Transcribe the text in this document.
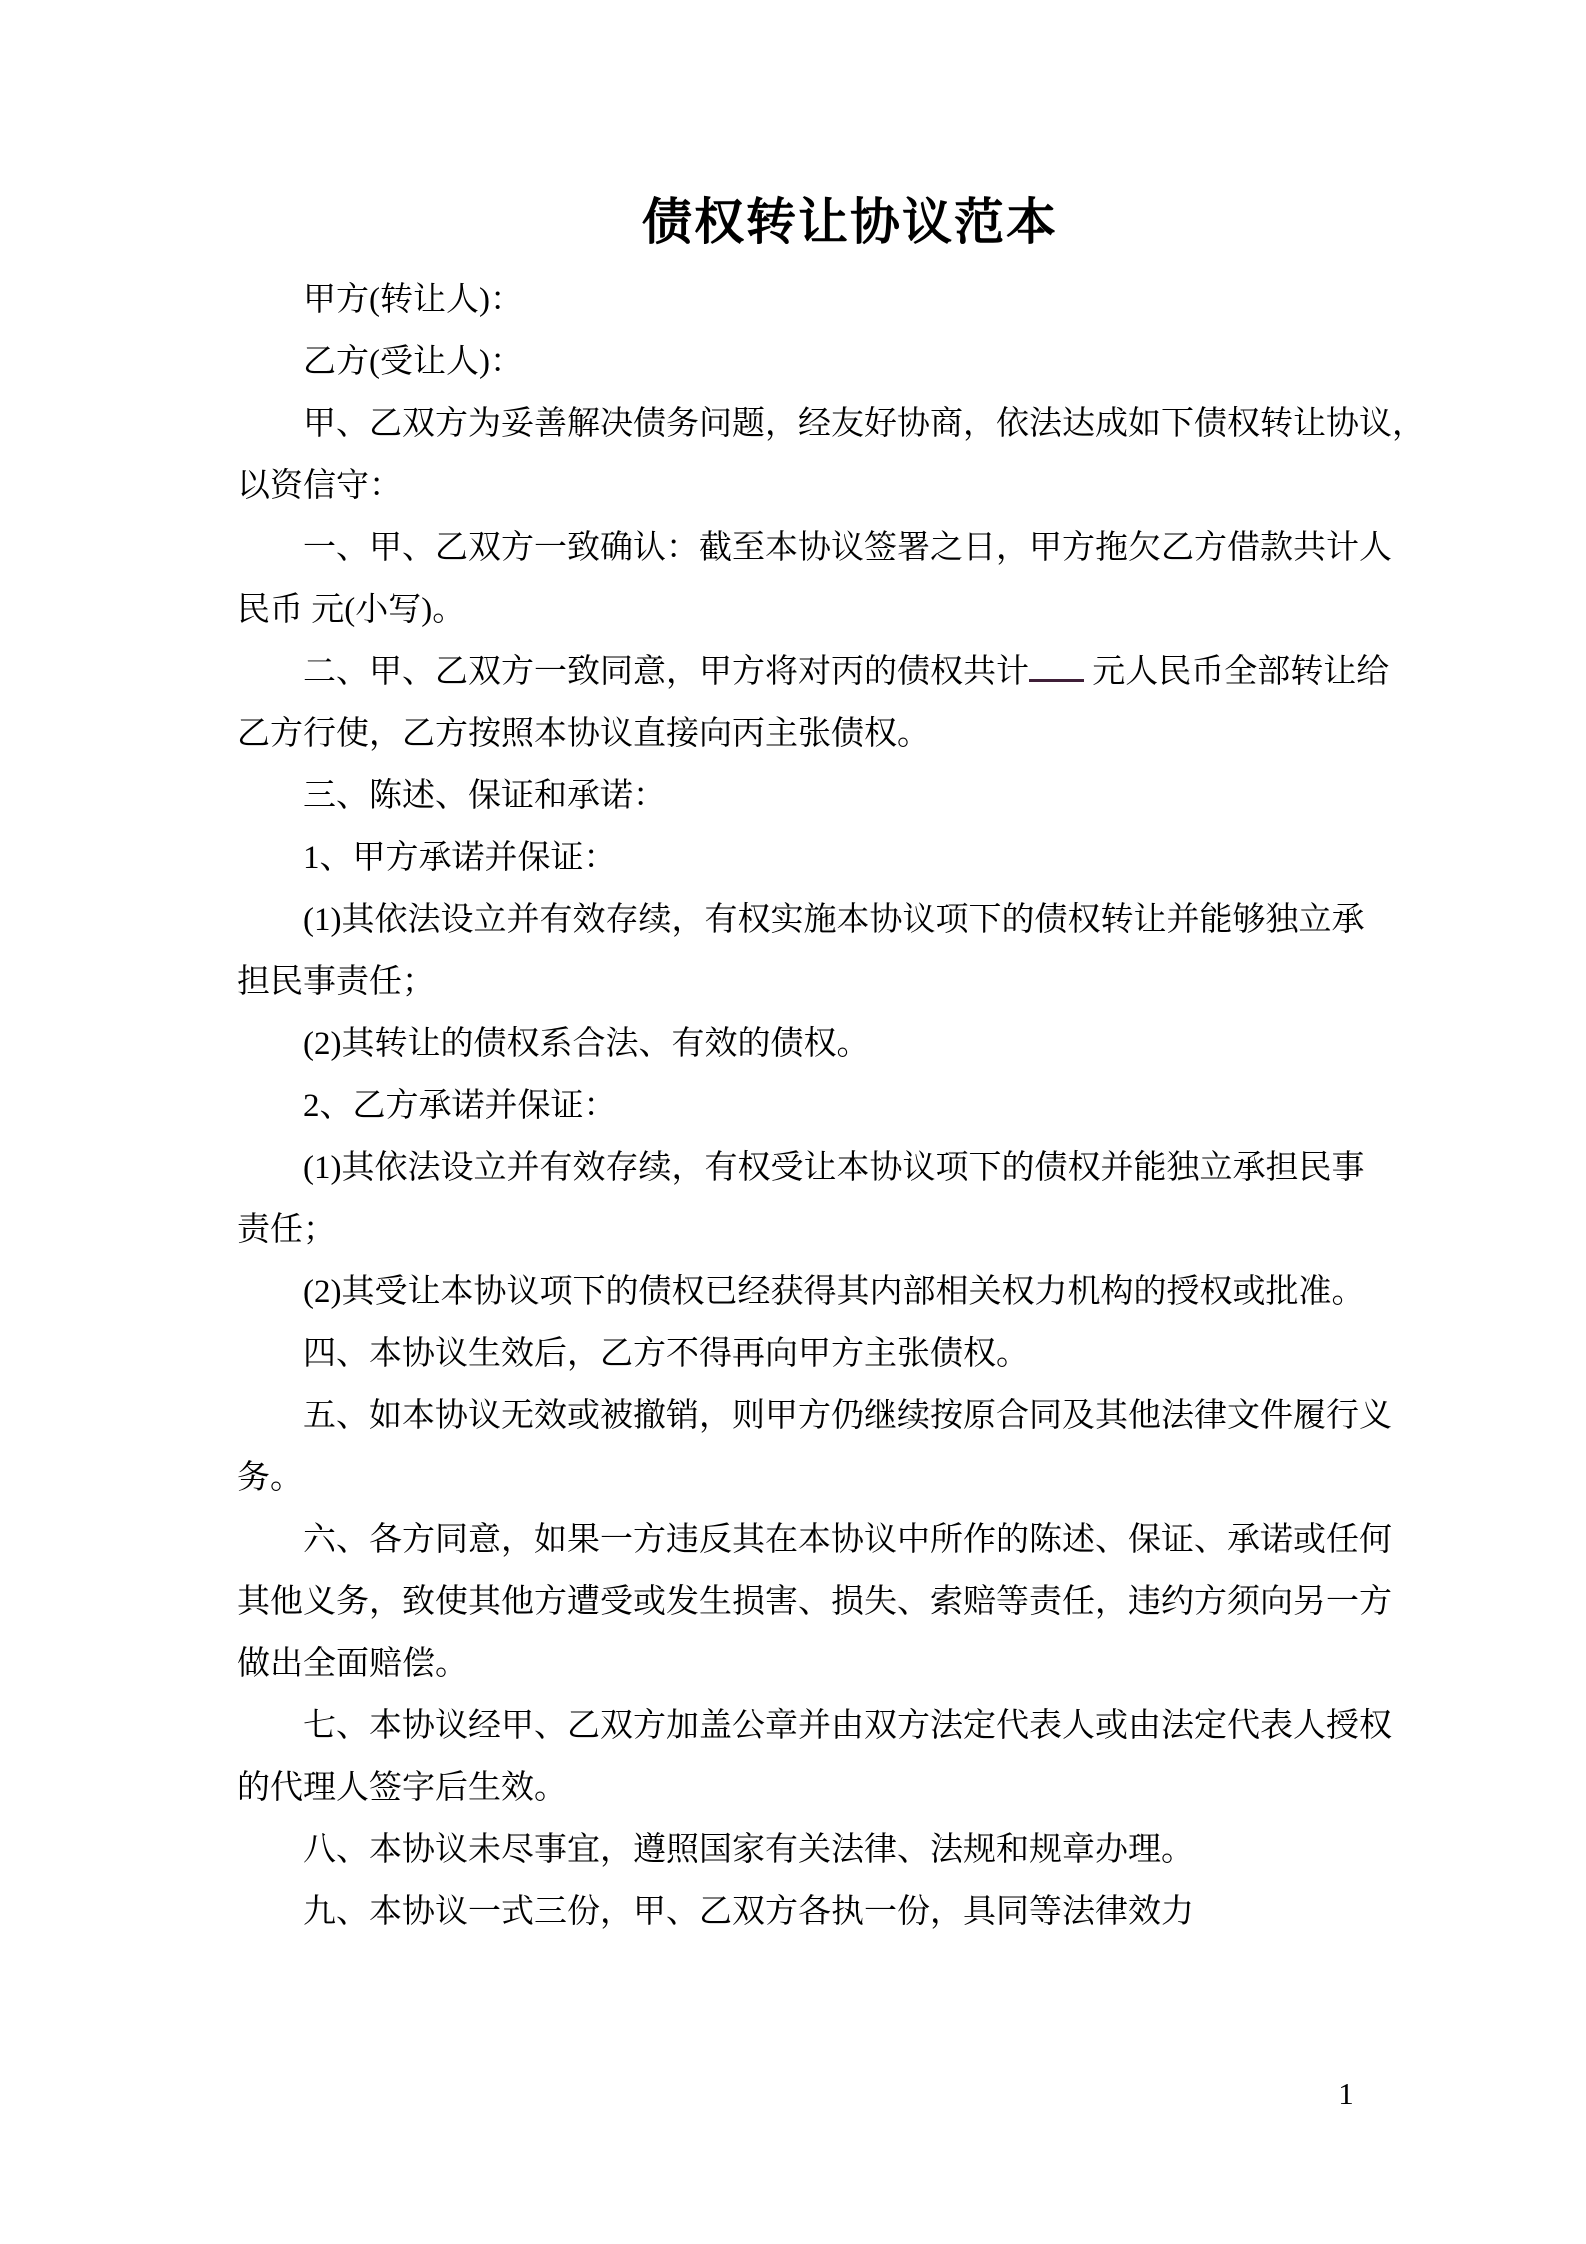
债权转让协议范本
甲方(转让人)：
乙方(受让人)：
甲、乙双方为妥善解决债务问题，经友好协商，依法达成如下债权转让协议，
以资信守：
一、甲、乙双方一致确认：截至本协议签署之日，甲方拖欠乙方借款共计人
民币 元(小写)。
二、甲、乙双方一致同意，甲方将对丙的债权共计 元人民币全部转让给
乙方行使，乙方按照本协议直接向丙主张债权。
三、陈述、保证和承诺：
1、甲方承诺并保证：
(1)其依法设立并有效存续，有权实施本协议项下的债权转让并能够独立承
担民事责任；
(2)其转让的债权系合法、有效的债权。
2、乙方承诺并保证：
(1)其依法设立并有效存续，有权受让本协议项下的债权并能独立承担民事
责任；
(2)其受让本协议项下的债权已经获得其内部相关权力机构的授权或批准。
四、本协议生效后，乙方不得再向甲方主张债权。
五、如本协议无效或被撤销，则甲方仍继续按原合同及其他法律文件履行义
务。
六、各方同意，如果一方违反其在本协议中所作的陈述、保证、承诺或任何
其他义务，致使其他方遭受或发生损害、损失、索赔等责任，违约方须向另一方
做出全面赔偿。
七、本协议经甲、乙双方加盖公章并由双方法定代表人或由法定代表人授权
的代理人签字后生效。
八、本协议未尽事宜，遵照国家有关法律、法规和规章办理。
九、本协议一式三份，甲、乙双方各执一份，具同等法律效力
1
